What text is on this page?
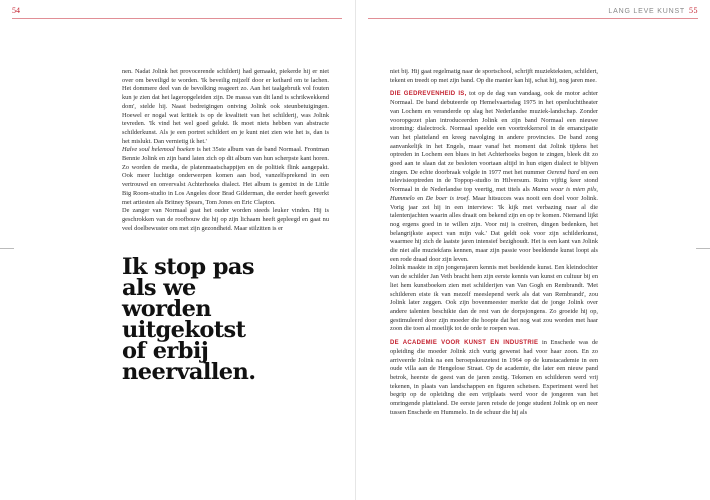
54	LANG LEVE KUNST 55

nen. Nadat Jolink het provocerende schilderij had gemaakt, piekerde hij er niet over om beveiligd te worden. 'Ik beveilig mijzelf door er keihard om te lachen. Het dommere deel van de bevolking reageert zo. Aan het taalgebruik vol fouten kun je zien dat het lageropgeleiden zijn. De massa van dit land is schrikwekkend dom', stelde hij. Naast bedreigingen ontving Jolink ook steunbetuigingen. Hoewel er nogal wat kritiek is op de kwaliteit van het schilderij, was Jolink tevreden. 'Ik vind het wel goed gelukt. Ik moet niets hebben van abstracte schilderkunst. Als je een portret schildert en je kunt niet zien wie het is, dan is het mislukt. Dan vernietig ik het.'

Halve soul helemoal hoeken is het 35ste album van de band Normaal. Frontman Bennie Jolink en zijn band laten zich op dit album van hun scherpste kant horen. Zo worden de media, de platenmaatschappijen en de politiek flink aangepakt. Ook meer luchtige onderwerpen komen aan bod, vanzelfsprekend in een vertrouwd en onvervalst Achterhoeks dialect. Het album is gemixt in de Little Big Room-studio in Los Angeles door Brad Gilderman, die eerder heeft gewerkt met artiesten als Britney Spears, Tom Jones en Eric Clapton.

De zanger van Normaal gaat het ouder worden steeds leuker vinden. Hij is geschrokken van de roofbouw die hij op zijn lichaam heeft gepleegd en gaat nu veel doelbewuster om met zijn gezondheid. Maar stilzitten is er

Ik stop pas
als we
worden
uitgekotst
of erbij
neervallen.

niet bij. Hij gaat regelmatig naar de sportschool, schrijft muziekteksten, schildert, tekent en treedt op met zijn band. Op die manier kan hij, schat hij, nog jaren mee.

DIE GEDREVENHEID IS, tot op de dag van vandaag, ook de motor achter Normaal. De band debuteerde op Hemelvaartsdag 1975 in het openluchttheater van Lochem en veranderde op slag het Nederlandse muziek-landschap. Zonder vooropgezet plan introduceerden Jolink en zijn band Normaal een nieuwe stroming: dialectrock. Normaal speelde een voortrekkersrol in de emancipatie van het platteland en kreeg navolging in andere provincies. De band zong aanvankelijk in het Engels, maar vanaf het moment dat Jolink tijdens het optreden in Lochem een blues in het Achterhoeks begon te zingen, bleek dit zo goed aan te slaan dat ze besloten voortaan altijd in hun eigen dialect te blijven zingen. De echte doorbraak volgde in 1977 met het nummer Oerend hard en een televisieoptreden in de Toppop-studio in Hilversum. Ruim vijftig keer stond Normaal in de Nederlandse top veertig, met titels als Mama woar is mien pils, Hummelo en De boer is troef. Maar hitsucces was nooit een doel voor Jolink. Vorig jaar zei hij in een interview: 'Ik kijk met verbazing naar al die talentenjachten waarin alles draait om bekend zijn en op tv komen. Niemand lijkt nog ergens goed in te willen zijn. Voor mij is creëren, dingen bedenken, het belangrijkste aspect van mijn vak.' Dat geldt ook voor zijn schilderkunst, waarmee hij zich de laatste jaren intensief bezighoudt. Het is een kant van Jolink die niet alle muziekfans kennen, maar zijn passie voor beeldende kunst loopt als een rode draad door zijn leven.

Jolink maakte in zijn jongensjaren kennis met beeldende kunst. Een kleindochter van de schilder Jan Veth bracht hem zijn eerste kennis van kunst en cultuur bij en liet hem kunstboeken zien met schilderijen van Van Gogh en Rembrandt. 'Met schilderen eiste ik van mezelf meeslepend werk als dat van Rembrandt', zou Jolink later zeggen. Ook zijn bovenmeester merkte dat de jonge Jolink over andere talenten beschikte dan de rest van de dorpsjongens. Zo groeide hij op, gestimuleerd door zijn moeder die hoopte dat het nog wat zou worden met haar zoon die toen al moeilijk tot de orde te roepen was.

DE ACADEMIE VOOR KUNST EN INDUSTRIE in Enschede was de opleiding die moeder Jolink zich vurig gewenst had voor haar zoon. En zo arriveerde Jolink na een beroepskeuzetest in 1964 op de kunstacademie in een oude villa aan de Hengelose Straat. Op de academie, die later een nieuw pand betrok, heerste de geest van de jaren zestig. Tekenen en schilderen werd vrij tekenen, in plaats van landschappen en figuren schetsen. Experiment werd het begrip op de opleiding die een vrijplaats werd voor de jongeren van het omringende platteland. De eerste jaren reisde de jonge student Jolink op en neer tussen Enschede en Hummelo. In de schuur die hij als
